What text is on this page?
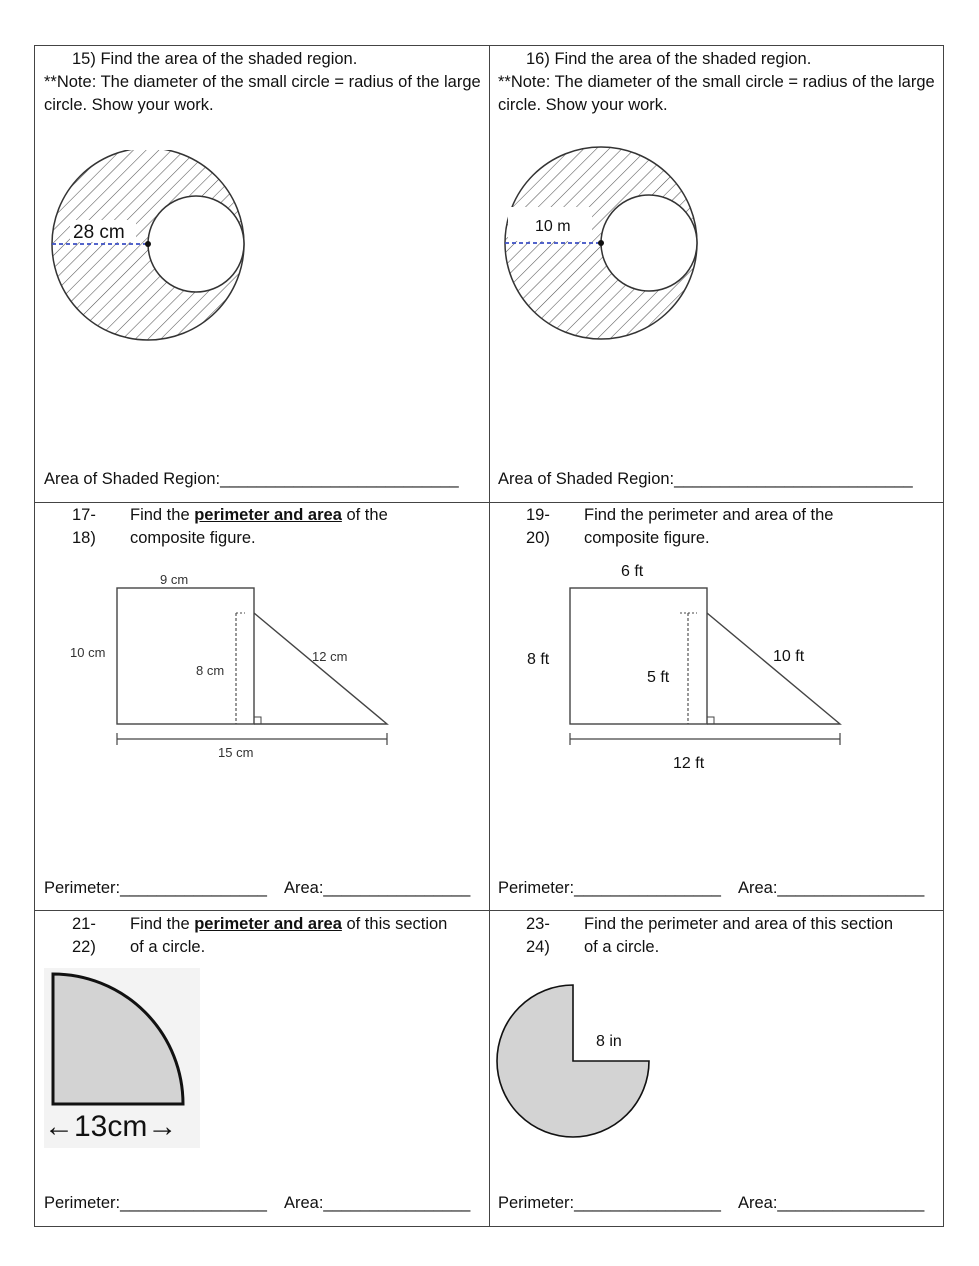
15) Find the area of the shaded region.
**Note: The diameter of the small circle = radius of the large circle. Show your work.
28 cm
Area of Shaded Region:__________________________
16) Find the area of the shaded region.
**Note: The diameter of the small circle = radius of the large circle. Show your work.
10 m
Area of Shaded Region:__________________________
17-18)
Find the perimeter and area of the
composite figure.
9 cm
10 cm
8 cm
12 cm
15 cm
Perimeter:________________ Area:________________
19-20)
Find the perimeter and area of the
composite figure.
6 ft
8 ft
5 ft
10 ft
12 ft
Perimeter:________________ Area:________________
21-22)
Find the perimeter and area of this section
of a circle.
←13cm→
Perimeter:________________ Area:________________
23-24)
Find the perimeter and area of this section
of a circle.
8 in
Perimeter:________________ Area:________________
